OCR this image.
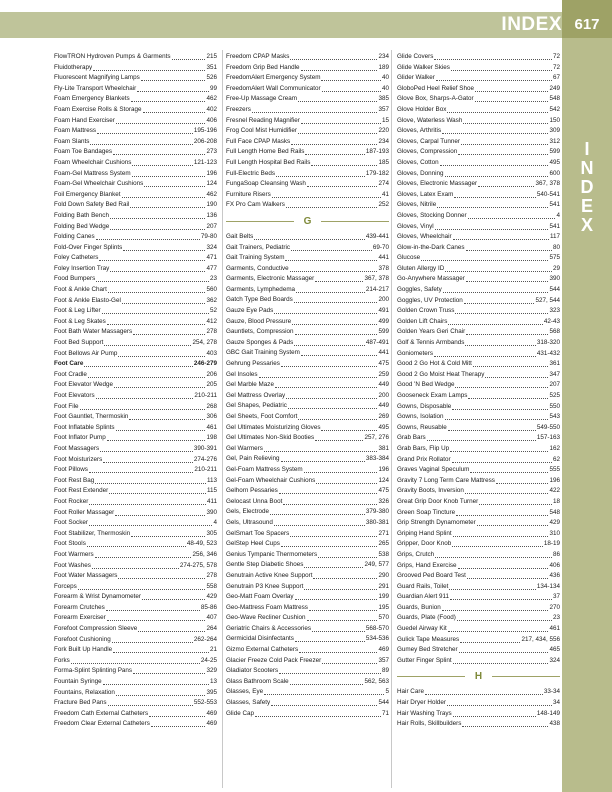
INDEX 617
I
N
D
E
X
FlowTRON Hydroven Pumps & Garments	215
Fluidotherapy	351
Fluorescent Magnifying Lamps	526
Fly-Lite Transport Wheelchair	99
Foam Emergency Blankets	462
Foam Exercise Rolls & Storage	402
Foam Hand Exerciser	406
Foam Mattress	195-196
Foam Slants	206-208
Foam Toe Bandages	273
Foam Wheelchair Cushions	121-123
Foam-Gel Mattress System	196
Foam-Gel Wheelchair Cushions	124
Foil Emergency Blanket	462
Fold Down Safety Bed Rail	190
Folding Bath Bench	136
Folding Bed Wedge	207
Folding Canes	79-80
Fold-Over Finger Splints	324
Foley Catheters	471
Foley Insertion Tray	477
Food Bumpers	23
Foot & Ankle Chart	560
Foot & Ankle Elasto-Gel	362
Foot & Leg Lifter	52
Foot & Leg Skates	412
Foot Bath Water Massagers	278
Foot Bed Support	254, 278
Foot Bellows Air Pump	403
Foot Care	246-279
Foot Cradle	206
Foot Elevator Wedge	205
Foot Elevators	210-211
Foot File	268
Foot Gauntlet, Thermoskin	306
Foot Inflatable Splints	461
Foot Inflator Pump	198
Foot Massagers	390-391
Foot Moisturizers	274-276
Foot Pillows	210-211
Foot Rest Bag	113
Foot Rest Extender	115
Foot Rocker	411
Foot Roller Massager	390
Foot Socker	4
Foot Stabilizer, Thermoskin	305
Foot Stools	48-49, 523
Foot Warmers	256, 346
Foot Washes	274-275, 578
Foot Water Massagers	278
Forceps	558
Forearm & Wrist Dynamometer	429
Forearm Crutches	85-86
Forearm Exerciser	407
Forefoot Compression Sleeve	264
Forefoot Cushioning	262-264
Fork Built Up Handle	21
Forks	24-25
Forma-Splint Splinting Pans	329
Fountain Syringe	13
Fountains, Relaxation	395
Fracture Bed Pans	552-553
Freedom Cath External Catheters	469
Freedom Clear External Catheters	469
Freedom CPAP Masks	234
Freedom Grip Bed Handle	189
FreedomAlert Emergency System	40
FreedomAlert Wall Communicator	40
Free-Up Massage Cream	385
Freezers	357
Fresnel Reading Magnifier	15
Frog Cool Mist Humidifier	220
Full Face CPAP Masks	234
Full Length Home Bed Rails	187-193
Full Length Hospital Bed Rails	185
Full-Electric Beds	179-182
FungaSoap Cleansing Wash	274
Furniture Risers	41
FX Pro Cam Walkers	252
G
Gait Belts	439-441
Gait Trainers, Pediatric	69-70
Gait Training System	441
Garments, Conductive	378
Garments, Electronic Massager	367, 378
Garments, Lymphedema	214-217
Gatch Type Bed Boards	200
Gauze Eye Pads	491
Gauze, Blood Pressure	499
Gauntlets, Compression	599
Gauze Sponges & Pads	487-491
GBC Gait Training System	441
Gehrung Pessaries	475
Gel Insoles	259
Gel Marble Maze	449
Gel Mattress Overlay	200
Gel Shapes, Pediatric	449
Gel Sheets, Foot Comfort	269
Gel Ultimates Moisturizing Gloves	495
Gel Ultimates Non-Skid Booties	257, 276
Gel Warmers	381
Gel, Pain Relieving	383-384
Gel-Foam Mattress System	196
Gel-Foam Wheelchair Cushions	124
Gelhorn Pessaries	475
Gelocast Unna Boot	326
Gels, Electrode	379-380
Gels, Ultrasound	380-381
GelSmart Toe Spacers	271
GelStep Heel Cups	265
Genius Tympanic Thermometers	538
Gentle Step Diabetic Shoes	249, 577
Genutrain Active Knee Support	290
Genutrain P3 Knee Support	291
Geo-Matt Foam Overlay	199
Geo-Mattress Foam Mattress	195
Geo-Wave Recliner Cushion	570
Geriatric Chairs & Accessories	568-570
Germicidal Disinfectants	534-536
Gizmo External Catheters	469
Glacier Freeze Cold Pack Freezer	357
Gladiator Scooters	89
Glass Bathroom Scale	562, 563
Glasses, Eye	5
Glasses, Safety	544
Glide Cap	71
Glide Covers	72
Glide Walker Skies	72
Glider Walker	67
GloboPed Heel Relief Shoe	249
Glove Box, Sharps-A-Gator	548
Glove Holder Box	542
Glove, Waterless Wash	150
Gloves, Arthritis	309
Gloves, Carpal Tunner	312
Gloves, Compression	599
Gloves, Cotton	495
Gloves, Donning	600
Gloves, Electronic Massager	367, 378
Gloves, Latex Exam	540-541
Gloves, Nitrile	541
Gloves, Stocking Donner	4
Gloves, Vinyl	541
Gloves, Wheelchair	117
Glow-in-the-Dark Canes	80
Glucose	575
Gluten Allergy ID	29
Go-Anywhere Massager	390
Goggles, Safety	544
Goggles, UV Protection	527, 544
Golden Crown Truss	323
Golden Lift Chairs	42-43
Golden Years Geri Chair	568
Golf & Tennis Armbands	318-320
Goniometers	431-432
Good 2 Go Hot & Cold Mitt	361
Good 2 Go Moist Heat Therapy	347
Good 'N Bed Wedge	207
Gooseneck Exam Lamps	525
Gowns, Disposable	550
Gowns, Isolation	543
Gowns, Reusable	549-550
Grab Bars	157-163
Grab Bars, Flip Up	162
Grand Prix Rollator	62
Graves Vaginal Speculum	555
Gravity 7 Long Term Care Mattress	196
Gravity Boots, Inversion	422
Great Grip Door Knob Turner	18
Green Soap Tincture	548
Grip Strength Dynamometer	429
Griping Hand Splint	310
Gripper, Door Knob	18-19
Grips, Crutch	86
Grips, Hand Exercise	406
Grooved Ped Board Test	436
Guard Rails, Toilet	134-134
Guardian Alert 911	37
Guards, Bunion	270
Guards, Plate (Food)	23
Guedel Airway Kit	461
Gulick Tape Measures	217, 434, 556
Gumey Bed Stretcher	465
Gutter Finger Splint	324
H
Hair Care	33-34
Hair Dryer Holder	34
Hair Washing Trays	148-149
Hair Rolls, Skillbuilders	438
